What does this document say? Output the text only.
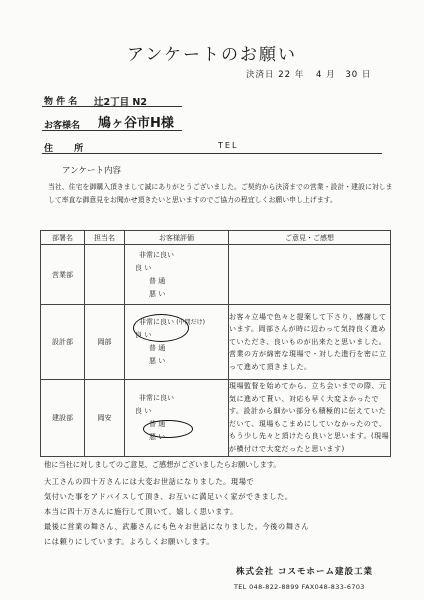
アンケートのお願い
決済日 22 年 4 月 30 日
物 件 名 辻2丁目 N2
お客様名 鳩ヶ谷市H様
住 所	TEL
アンケート内容
当社、住宅を御購入頂きまして誠にありがとうございました。ご契約から決済までの営業・設計・建設に対しまして率直な御意見をお聞かせ頂きたいと思いますのでご協力の程宜しくお願い申し上げます。
部署名	担当名	お客様評価	ご意見・ご感想
営業部		非常に良い
良 い
普 通
悪 い	

設計部	岡部	非常に良い (中間だけ)
良 い
普 通
悪 い	お客々立場で色々と提案して下さり、感謝しています。岡部さんが時に辺わって気持良く進めていただき、良いものが出来たと思いました。営業の方が綿密な現場で・対した進行を密に立って進めて頂きました。
建設部	岡安	非常に良い
良 い
普 通
悪 い	現場監督を始めてから、立ち会いまでの際、元気に進めて貰い、対応も早く大変よかったです。設計から細かい部分も積極的に伝えていただいて、現場もこまめにしていなかったので、もう少し先々と頂けたら良いと思います。(現場が横付けで大変だったと思います)
他に当社に対しましてのご意見、ご感想がございましたらお願いします。
大工さんの四十万さんには大変お世話になりました。現場で
気付いた事をアドバイスして頂き、お互いに満足いく家ができました。
本当に四十万さんに施行して頂いて、嬉しく思います。
最後に営業の舞さん、武藤さんにも色々お世話になりました。今後の舞さん
には頼りにしています。よろしくお願いします。
株式会社 コスモホーム建設工業
TEL 048-822-8899 FAX048-833-6703
